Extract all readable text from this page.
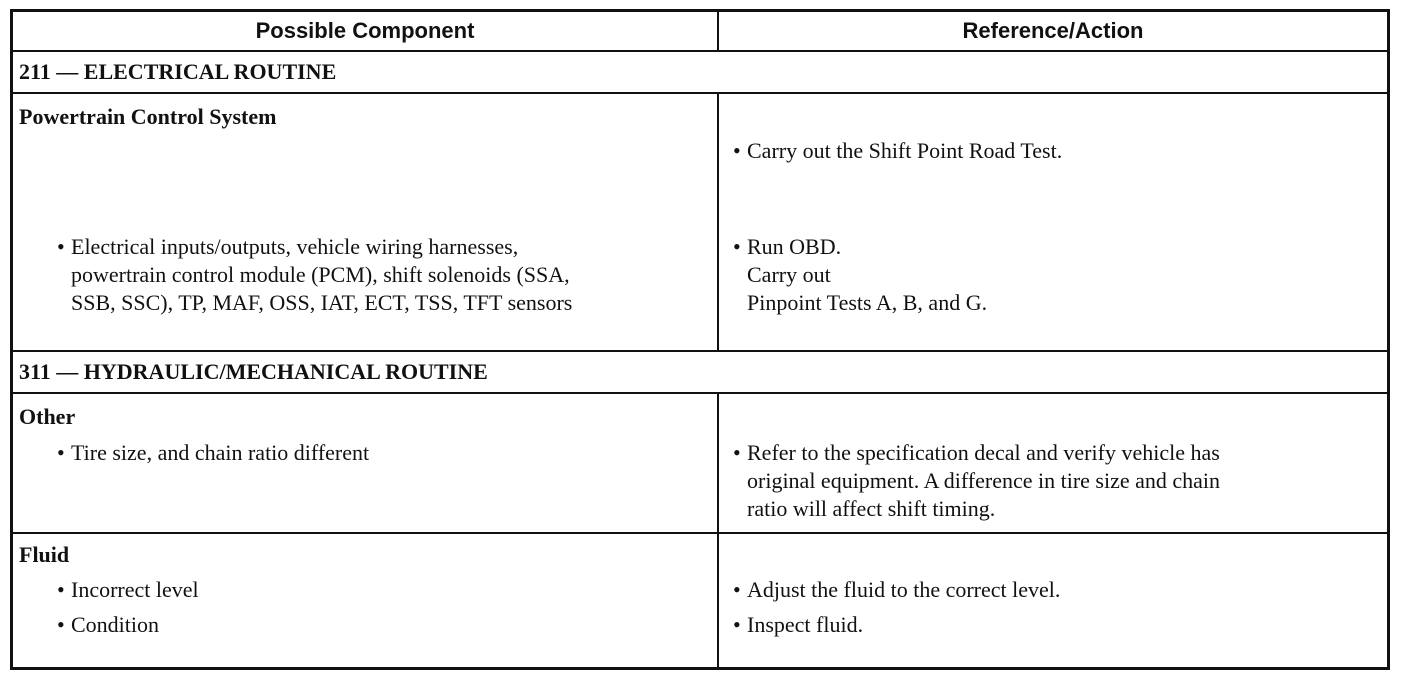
Possible Component	Reference/Action
211 — ELECTRICAL ROUTINE
Powertrain Control System
• Electrical inputs/outputs, vehicle wiring harnesses,
powertrain control module (PCM), shift solenoids (SSA,
SSB, SSC), TP, MAF, OSS, IAT, ECT, TSS, TFT sensors
• Carry out the Shift Point Road Test.
• Run OBD.
Carry out
Pinpoint Tests A, B, and G.
311 — HYDRAULIC/MECHANICAL ROUTINE
Other
• Tire size, and chain ratio different	• Refer to the specification decal and verify vehicle has
original equipment. A difference in tire size and chain
ratio will affect shift timing.
Fluid
• Incorrect level
• Condition
• Adjust the fluid to the correct level.
• Inspect fluid.
